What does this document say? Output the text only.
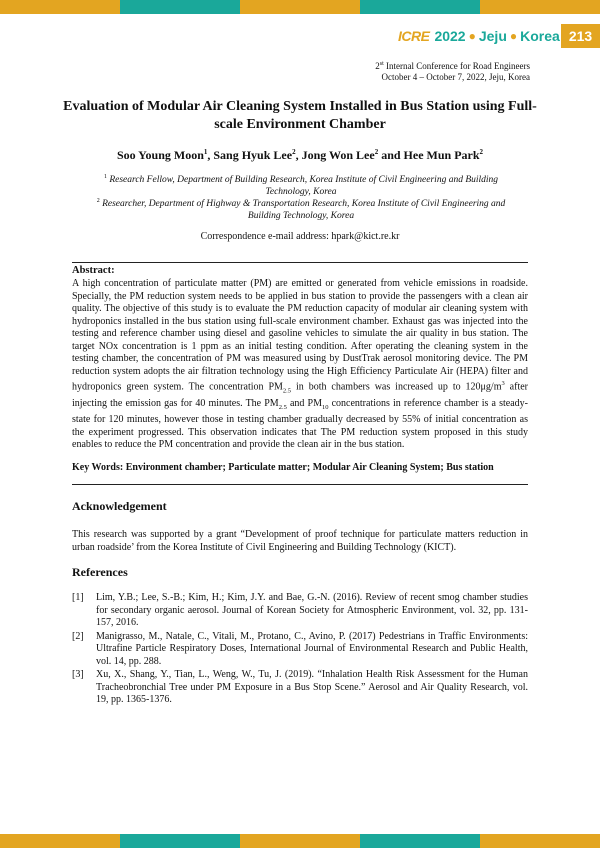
ICRE 2022 ● Jeju ● Korea 213
2st Internal Conference for Road Engineers
October 4 – October 7, 2022, Jeju, Korea
Evaluation of Modular Air Cleaning System Installed in Bus Station using Full-scale Environment Chamber
Soo Young Moon$^1$, Sang Hyuk Lee$^2$, Jong Won Lee$^2$ and Hee Mun Park$^2$
$^1$ Research Fellow, Department of Building Research, Korea Institute of Civil Engineering and Building Technology, Korea
$^2$ Researcher, Department of Highway & Transportation Research, Korea Institute of Civil Engineering and Building Technology, Korea
Correspondence e-mail address: hpark@kict.re.kr
Abstract:
A high concentration of particulate matter (PM) are emitted or generated from vehicle emissions in roadside. Specially, the PM reduction system needs to be applied in bus station to provide the passengers with a clean air quality. The objective of this study is to evaluate the PM reduction capacity of modular air cleaning system with hydroponics installed in the bus station using full-scale environment chamber. Exhaust gas was injected into the testing and reference chamber using diesel and gasoline vehicles to simulate the air quality in bus station. The target NOx concentration is 1 ppm as an initial testing condition. After operating the cleaning system in the testing chamber, the concentration of PM was measured using by DustTrak aerosol monitoring device. The PM reduction system adopts the air filtration technology using the High Efficiency Particulate Air (HEPA) filter and hydroponics green system. The concentration $PM_{2.5}$ in both chambers was increased up to $120\mu g/m^3$ after injecting the emission gas for 40 minutes. The $PM_{2.5}$ and $PM_{10}$ concentrations in reference chamber is a steady-state for 120 minutes, however those in testing chamber gradually decreased by 55% of initial concentration as the experiment progressed. This observation indicates that The PM reduction system proposed in this study enables to reduce the PM concentration and provide the clean air in the bus station.
Key Words: Environment chamber; Particulate matter; Modular Air Cleaning System; Bus station
Acknowledgement
This research was supported by a grant “Development of proof technique for particulate matters reduction in urban roadside’ from the Korea Institute of Civil Engineering and Building Technology (KICT).
References
[1]	Lim, Y.B.; Lee, S.-B.; Kim, H.; Kim, J.Y. and Bae, G.-N. (2016). Review of recent smog chamber studies for secondary organic aerosol. Journal of Korean Society for Atmospheric Environment, vol. 32, pp. 131-157, 2016.
[2]	Manigrasso, M., Natale, C., Vitali, M., Protano, C., Avino, P. (2017) Pedestrians in Traffic Environments: Ultrafine Particle Respiratory Doses, International Journal of Environmental Research and Public Health, vol. 14, pp. 288.
[3]	Xu, X., Shang, Y., Tian, L., Weng, W., Tu, J. (2019). “Inhalation Health Risk Assessment for the Human Tracheobronchial Tree under PM Exposure in a Bus Stop Scene.” Aerosol and Air Quality Research, vol. 19, pp. 1365-1376.
